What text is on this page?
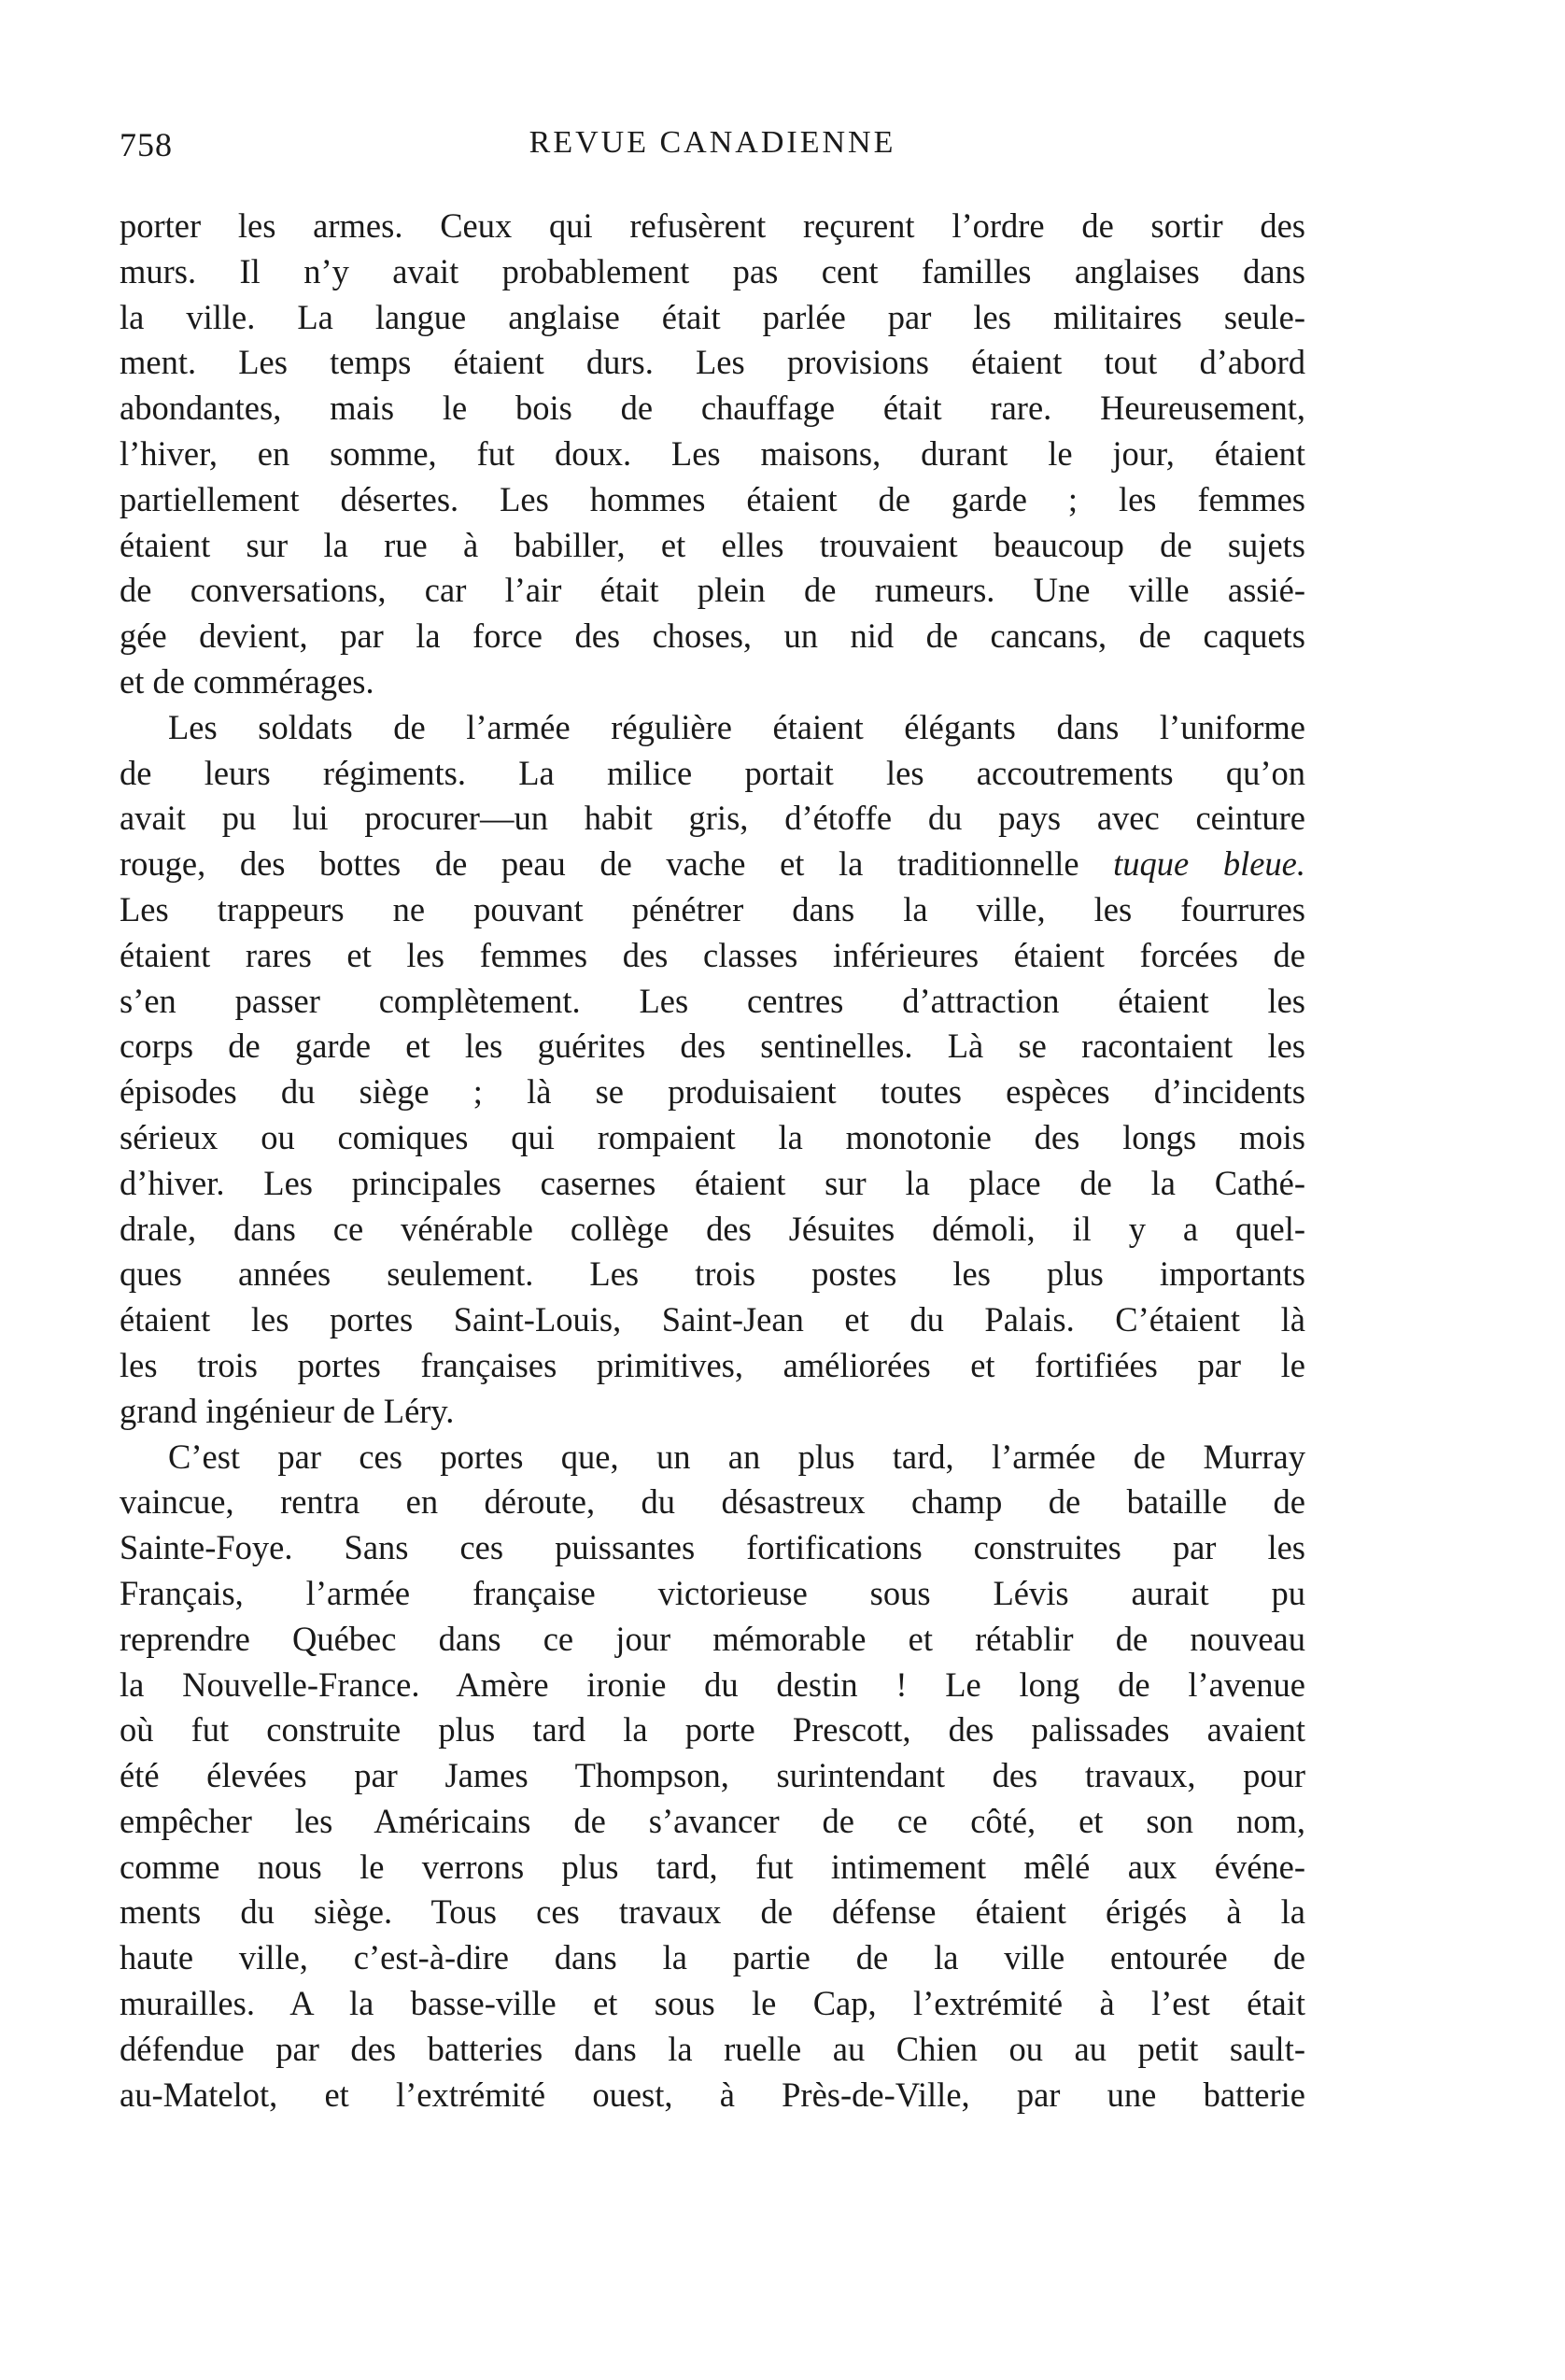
758	REVUE CANADIENNE
porter les armes. Ceux qui refusèrent reçurent l’ordre de sortir des
murs. Il n’y avait probablement pas cent familles anglaises dans
la ville. La langue anglaise était parlée par les militaires seule-
ment. Les temps étaient durs. Les provisions étaient tout d’abord
abondantes, mais le bois de chauffage était rare. Heureusement,
l’hiver, en somme, fut doux. Les maisons, durant le jour, étaient
partiellement désertes. Les hommes étaient de garde ; les femmes
étaient sur la rue à babiller, et elles trouvaient beaucoup de sujets
de conversations, car l’air était plein de rumeurs. Une ville assié-
gée devient, par la force des choses, un nid de cancans, de caquets
et de commérages.
Les soldats de l’armée régulière étaient élégants dans l’uniforme
de leurs régiments. La milice portait les accoutrements qu’on
avait pu lui procurer—un habit gris, d’étoffe du pays avec ceinture
rouge, des bottes de peau de vache et la traditionnelle tuque bleue.
Les trappeurs ne pouvant pénétrer dans la ville, les fourrures
étaient rares et les femmes des classes inférieures étaient forcées de
s’en passer complètement. Les centres d’attraction étaient les
corps de garde et les guérites des sentinelles. Là se racontaient les
épisodes du siège ; là se produisaient toutes espèces d’incidents
sérieux ou comiques qui rompaient la monotonie des longs mois
d’hiver. Les principales casernes étaient sur la place de la Cathé-
drale, dans ce vénérable collège des Jésuites démoli, il y a quel-
ques années seulement. Les trois postes les plus importants
étaient les portes Saint-Louis, Saint-Jean et du Palais. C’étaient là
les trois portes françaises primitives, améliorées et fortifiées par le
grand ingénieur de Léry.
C’est par ces portes que, un an plus tard, l’armée de Murray
vaincue, rentra en déroute, du désastreux champ de bataille de
Sainte-Foye. Sans ces puissantes fortifications construites par les
Français, l’armée française victorieuse sous Lévis aurait pu
reprendre Québec dans ce jour mémorable et rétablir de nouveau
la Nouvelle-France. Amère ironie du destin ! Le long de l’avenue
où fut construite plus tard la porte Prescott, des palissades avaient
été élevées par James Thompson, surintendant des travaux, pour
empêcher les Américains de s’avancer de ce côté, et son nom,
comme nous le verrons plus tard, fut intimement mêlé aux événe-
ments du siège. Tous ces travaux de défense étaient érigés à la
haute ville, c’est-à-dire dans la partie de la ville entourée de
murailles. A la basse-ville et sous le Cap, l’extrémité à l’est était
défendue par des batteries dans la ruelle au Chien ou au petit sault-
au-Matelot, et l’extrémité ouest, à Près-de-Ville, par une batterie
